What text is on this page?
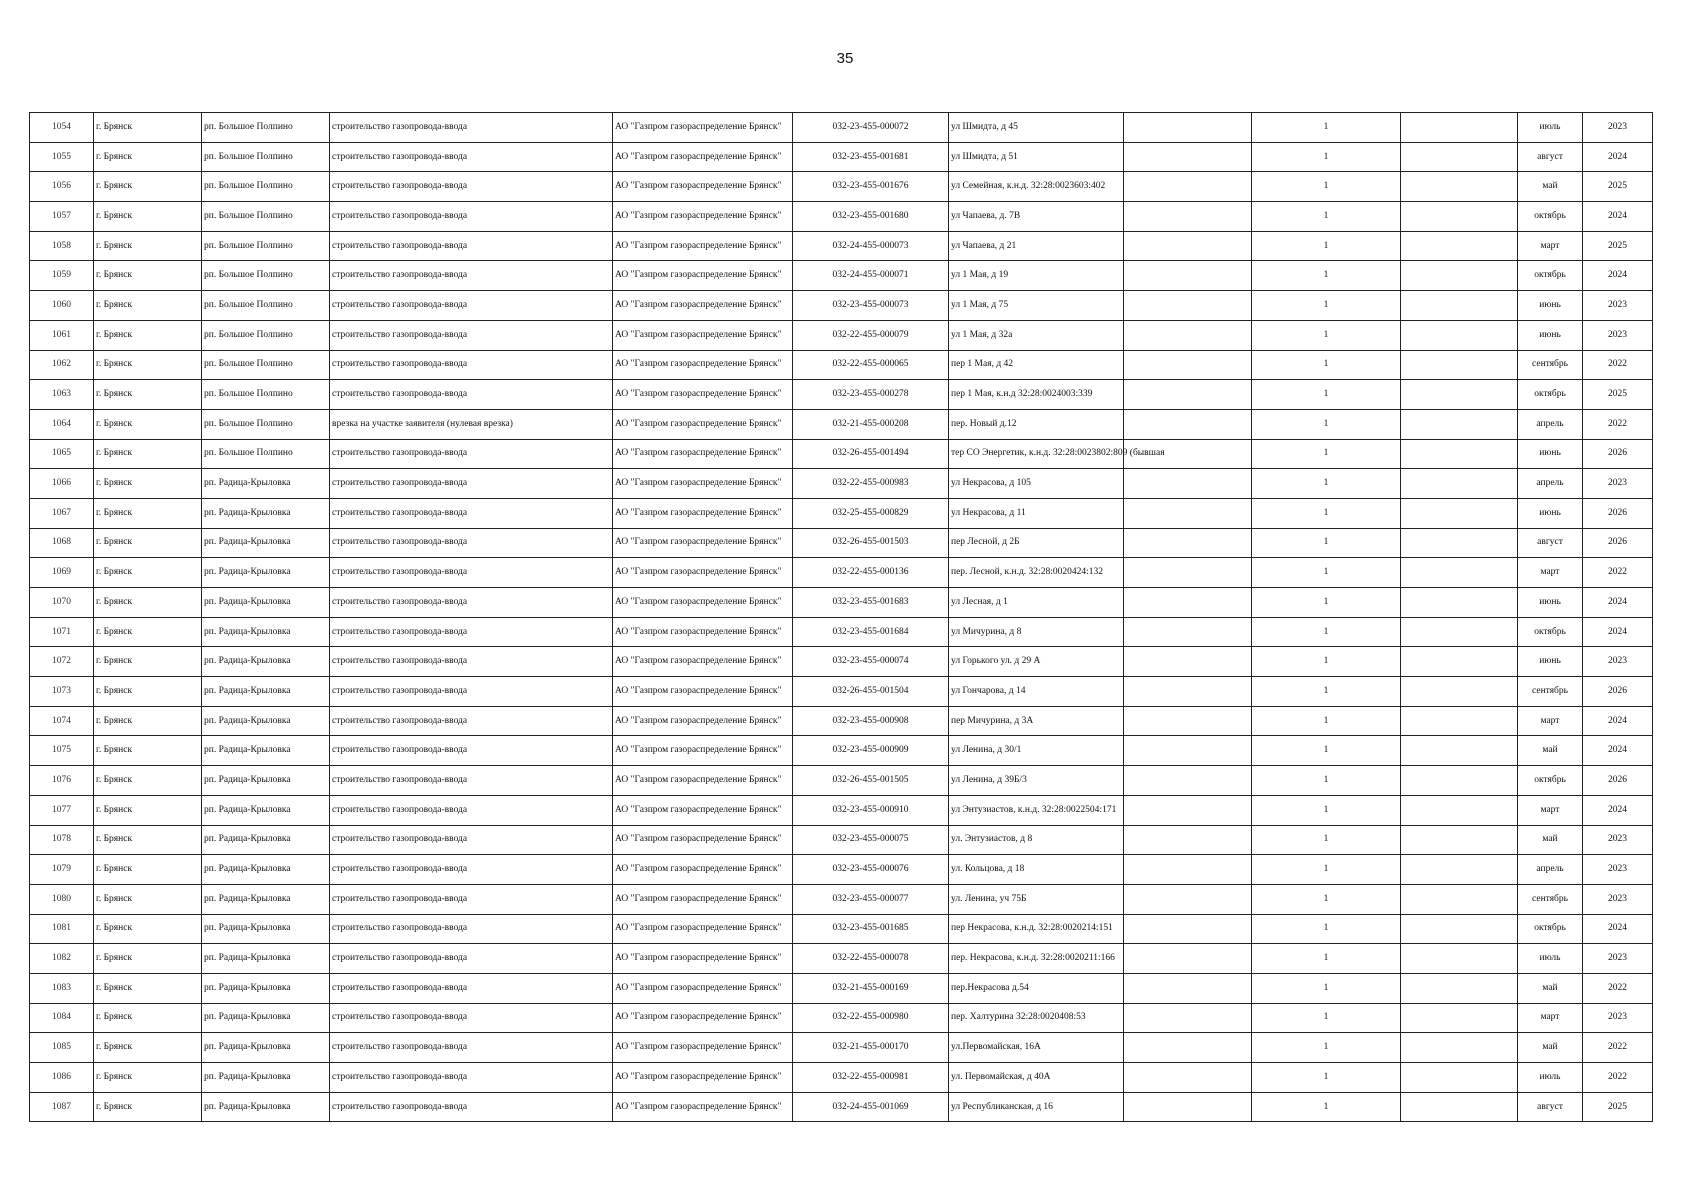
35
1054	г. Брянск	рп. Большое Полпино	строительство газопровода-ввода	АО "Газпром газораспределение Брянск"	032-23-455-000072	ул Шмидта, д 45		1		июль	2023
1055	г. Брянск	рп. Большое Полпино	строительство газопровода-ввода	АО "Газпром газораспределение Брянск"	032-23-455-001681	ул Шмидта, д 51		1		август	2024
1056	г. Брянск	рп. Большое Полпино	строительство газопровода-ввода	АО "Газпром газораспределение Брянск"	032-23-455-001676	ул Семейная, к.н.д. 32:28:0023603:402		1		май	2025
1057	г. Брянск	рп. Большое Полпино	строительство газопровода-ввода	АО "Газпром газораспределение Брянск"	032-23-455-001680	ул Чапаева, д. 7В		1		октябрь	2024
1058	г. Брянск	рп. Большое Полпино	строительство газопровода-ввода	АО "Газпром газораспределение Брянск"	032-24-455-000073	ул Чапаева, д 21		1		март	2025
1059	г. Брянск	рп. Большое Полпино	строительство газопровода-ввода	АО "Газпром газораспределение Брянск"	032-24-455-000071	ул 1 Мая, д 19		1		октябрь	2024
1060	г. Брянск	рп. Большое Полпино	строительство газопровода-ввода	АО "Газпром газораспределение Брянск"	032-23-455-000073	ул 1 Мая, д 75		1		июнь	2023
1061	г. Брянск	рп. Большое Полпино	строительство газопровода-ввода	АО "Газпром газораспределение Брянск"	032-22-455-000079	ул 1 Мая, д 32а		1		июнь	2023
1062	г. Брянск	рп. Большое Полпино	строительство газопровода-ввода	АО "Газпром газораспределение Брянск"	032-22-455-000065	пер 1 Мая, д 42		1		сентябрь	2022
1063	г. Брянск	рп. Большое Полпино	строительство газопровода-ввода	АО "Газпром газораспределение Брянск"	032-23-455-000278	пер 1 Мая, к.н.д 32:28:0024003:339		1		октябрь	2025
1064	г. Брянск	рп. Большое Полпино	врезка на участке заявителя (нулевая врезка)	АО "Газпром газораспределение Брянск"	032-21-455-000208	пер. Новый д.12		1		апрель	2022
1065	г. Брянск	рп. Большое Полпино	строительство газопровода-ввода	АО "Газпром газораспределение Брянск"	032-26-455-001494	тер СО Энергетик, к.н.д. 32:28:0023802:809 (бывшая		1		июнь	2026
1066	г. Брянск	рп. Радица-Крыловка	строительство газопровода-ввода	АО "Газпром газораспределение Брянск"	032-22-455-000983	ул Некрасова, д 105		1		апрель	2023
1067	г. Брянск	рп. Радица-Крыловка	строительство газопровода-ввода	АО "Газпром газораспределение Брянск"	032-25-455-000829	ул Некрасова, д 11		1		июнь	2026
1068	г. Брянск	рп. Радица-Крыловка	строительство газопровода-ввода	АО "Газпром газораспределение Брянск"	032-26-455-001503	пер Лесной, д 2Б		1		август	2026
1069	г. Брянск	рп. Радица-Крыловка	строительство газопровода-ввода	АО "Газпром газораспределение Брянск"	032-22-455-000136	пер. Лесной, к.н.д. 32:28:0020424:132		1		март	2022
1070	г. Брянск	рп. Радица-Крыловка	строительство газопровода-ввода	АО "Газпром газораспределение Брянск"	032-23-455-001683	ул Лесная, д 1		1		июнь	2024
1071	г. Брянск	рп. Радица-Крыловка	строительство газопровода-ввода	АО "Газпром газораспределение Брянск"	032-23-455-001684	ул Мичурина, д 8		1		октябрь	2024
1072	г. Брянск	рп. Радица-Крыловка	строительство газопровода-ввода	АО "Газпром газораспределение Брянск"	032-23-455-000074	ул Горького ул. д 29 А		1		июнь	2023
1073	г. Брянск	рп. Радица-Крыловка	строительство газопровода-ввода	АО "Газпром газораспределение Брянск"	032-26-455-001504	ул Гончарова, д 14		1		сентябрь	2026
1074	г. Брянск	рп. Радица-Крыловка	строительство газопровода-ввода	АО "Газпром газораспределение Брянск"	032-23-455-000908	пер Мичурина, д 3А		1		март	2024
1075	г. Брянск	рп. Радица-Крыловка	строительство газопровода-ввода	АО "Газпром газораспределение Брянск"	032-23-455-000909	ул Ленина, д 30/1		1		май	2024
1076	г. Брянск	рп. Радица-Крыловка	строительство газопровода-ввода	АО "Газпром газораспределение Брянск"	032-26-455-001505	ул Ленина, д 39Б/3		1		октябрь	2026
1077	г. Брянск	рп. Радица-Крыловка	строительство газопровода-ввода	АО "Газпром газораспределение Брянск"	032-23-455-000910	ул Энтузиастов, к.н.д. 32:28:0022504:171		1		март	2024
1078	г. Брянск	рп. Радица-Крыловка	строительство газопровода-ввода	АО "Газпром газораспределение Брянск"	032-23-455-000075	ул. Энтузиастов, д 8		1		май	2023
1079	г. Брянск	рп. Радица-Крыловка	строительство газопровода-ввода	АО "Газпром газораспределение Брянск"	032-23-455-000076	ул. Кольцова, д 18		1		апрель	2023
1080	г. Брянск	рп. Радица-Крыловка	строительство газопровода-ввода	АО "Газпром газораспределение Брянск"	032-23-455-000077	ул. Ленина, уч 75Б		1		сентябрь	2023
1081	г. Брянск	рп. Радица-Крыловка	строительство газопровода-ввода	АО "Газпром газораспределение Брянск"	032-23-455-001685	пер Некрасова, к.н.д. 32:28:0020214:151		1		октябрь	2024
1082	г. Брянск	рп. Радица-Крыловка	строительство газопровода-ввода	АО "Газпром газораспределение Брянск"	032-22-455-000078	пер. Некрасова, к.н.д. 32:28:0020211:166		1		июль	2023
1083	г. Брянск	рп. Радица-Крыловка	строительство газопровода-ввода	АО "Газпром газораспределение Брянск"	032-21-455-000169	пер.Некрасова д.54		1		май	2022
1084	г. Брянск	рп. Радица-Крыловка	строительство газопровода-ввода	АО "Газпром газораспределение Брянск"	032-22-455-000980	пер. Халтурина 32:28:0020408:53		1		март	2023
1085	г. Брянск	рп. Радица-Крыловка	строительство газопровода-ввода	АО "Газпром газораспределение Брянск"	032-21-455-000170	ул.Первомайская, 16А		1		май	2022
1086	г. Брянск	рп. Радица-Крыловка	строительство газопровода-ввода	АО "Газпром газораспределение Брянск"	032-22-455-000981	ул. Первомайская, д 40А		1		июль	2022
1087	г. Брянск	рп. Радица-Крыловка	строительство газопровода-ввода	АО "Газпром газораспределение Брянск"	032-24-455-001069	ул Республиканская, д 16		1		август	2025
